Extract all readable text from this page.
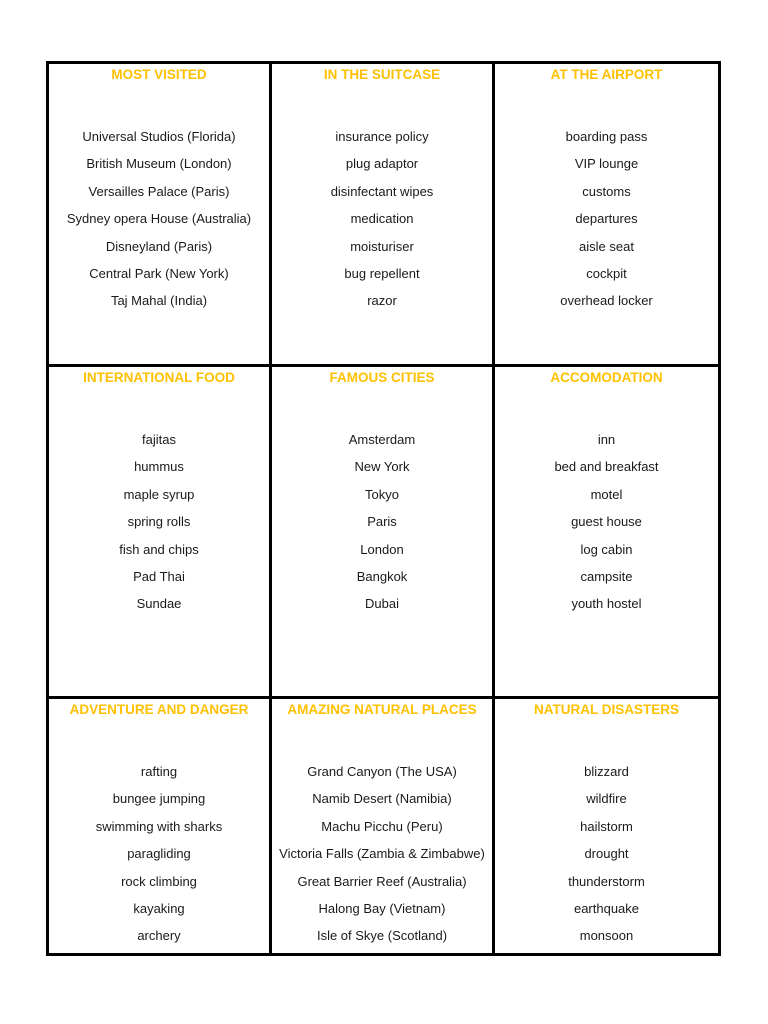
MOST VISITED
Universal Studios (Florida)
British Museum (London)
Versailles Palace (Paris)
Sydney opera House (Australia)
Disneyland (Paris)
Central Park (New York)
Taj Mahal (India)
IN THE SUITCASE
insurance policy
plug adaptor
disinfectant wipes
medication
moisturiser
bug repellent
razor
AT THE AIRPORT
boarding pass
VIP lounge
customs
departures
aisle seat
cockpit
overhead locker
INTERNATIONAL FOOD
fajitas
hummus
maple syrup
spring rolls
fish and chips
Pad Thai
Sundae
FAMOUS CITIES
Amsterdam
New York
Tokyo
Paris
London
Bangkok
Dubai
ACCOMODATION
inn
bed and breakfast
motel
guest house
log cabin
campsite
youth hostel
ADVENTURE AND DANGER
rafting
bungee jumping
swimming with sharks
paragliding
rock climbing
kayaking
archery
AMAZING NATURAL PLACES
Grand Canyon (The USA)
Namib Desert (Namibia)
Machu Picchu (Peru)
Victoria Falls (Zambia & Zimbabwe)
Great Barrier Reef (Australia)
Halong Bay (Vietnam)
Isle of Skye (Scotland)
NATURAL DISASTERS
blizzard
wildfire
hailstorm
drought
thunderstorm
earthquake
monsoon
